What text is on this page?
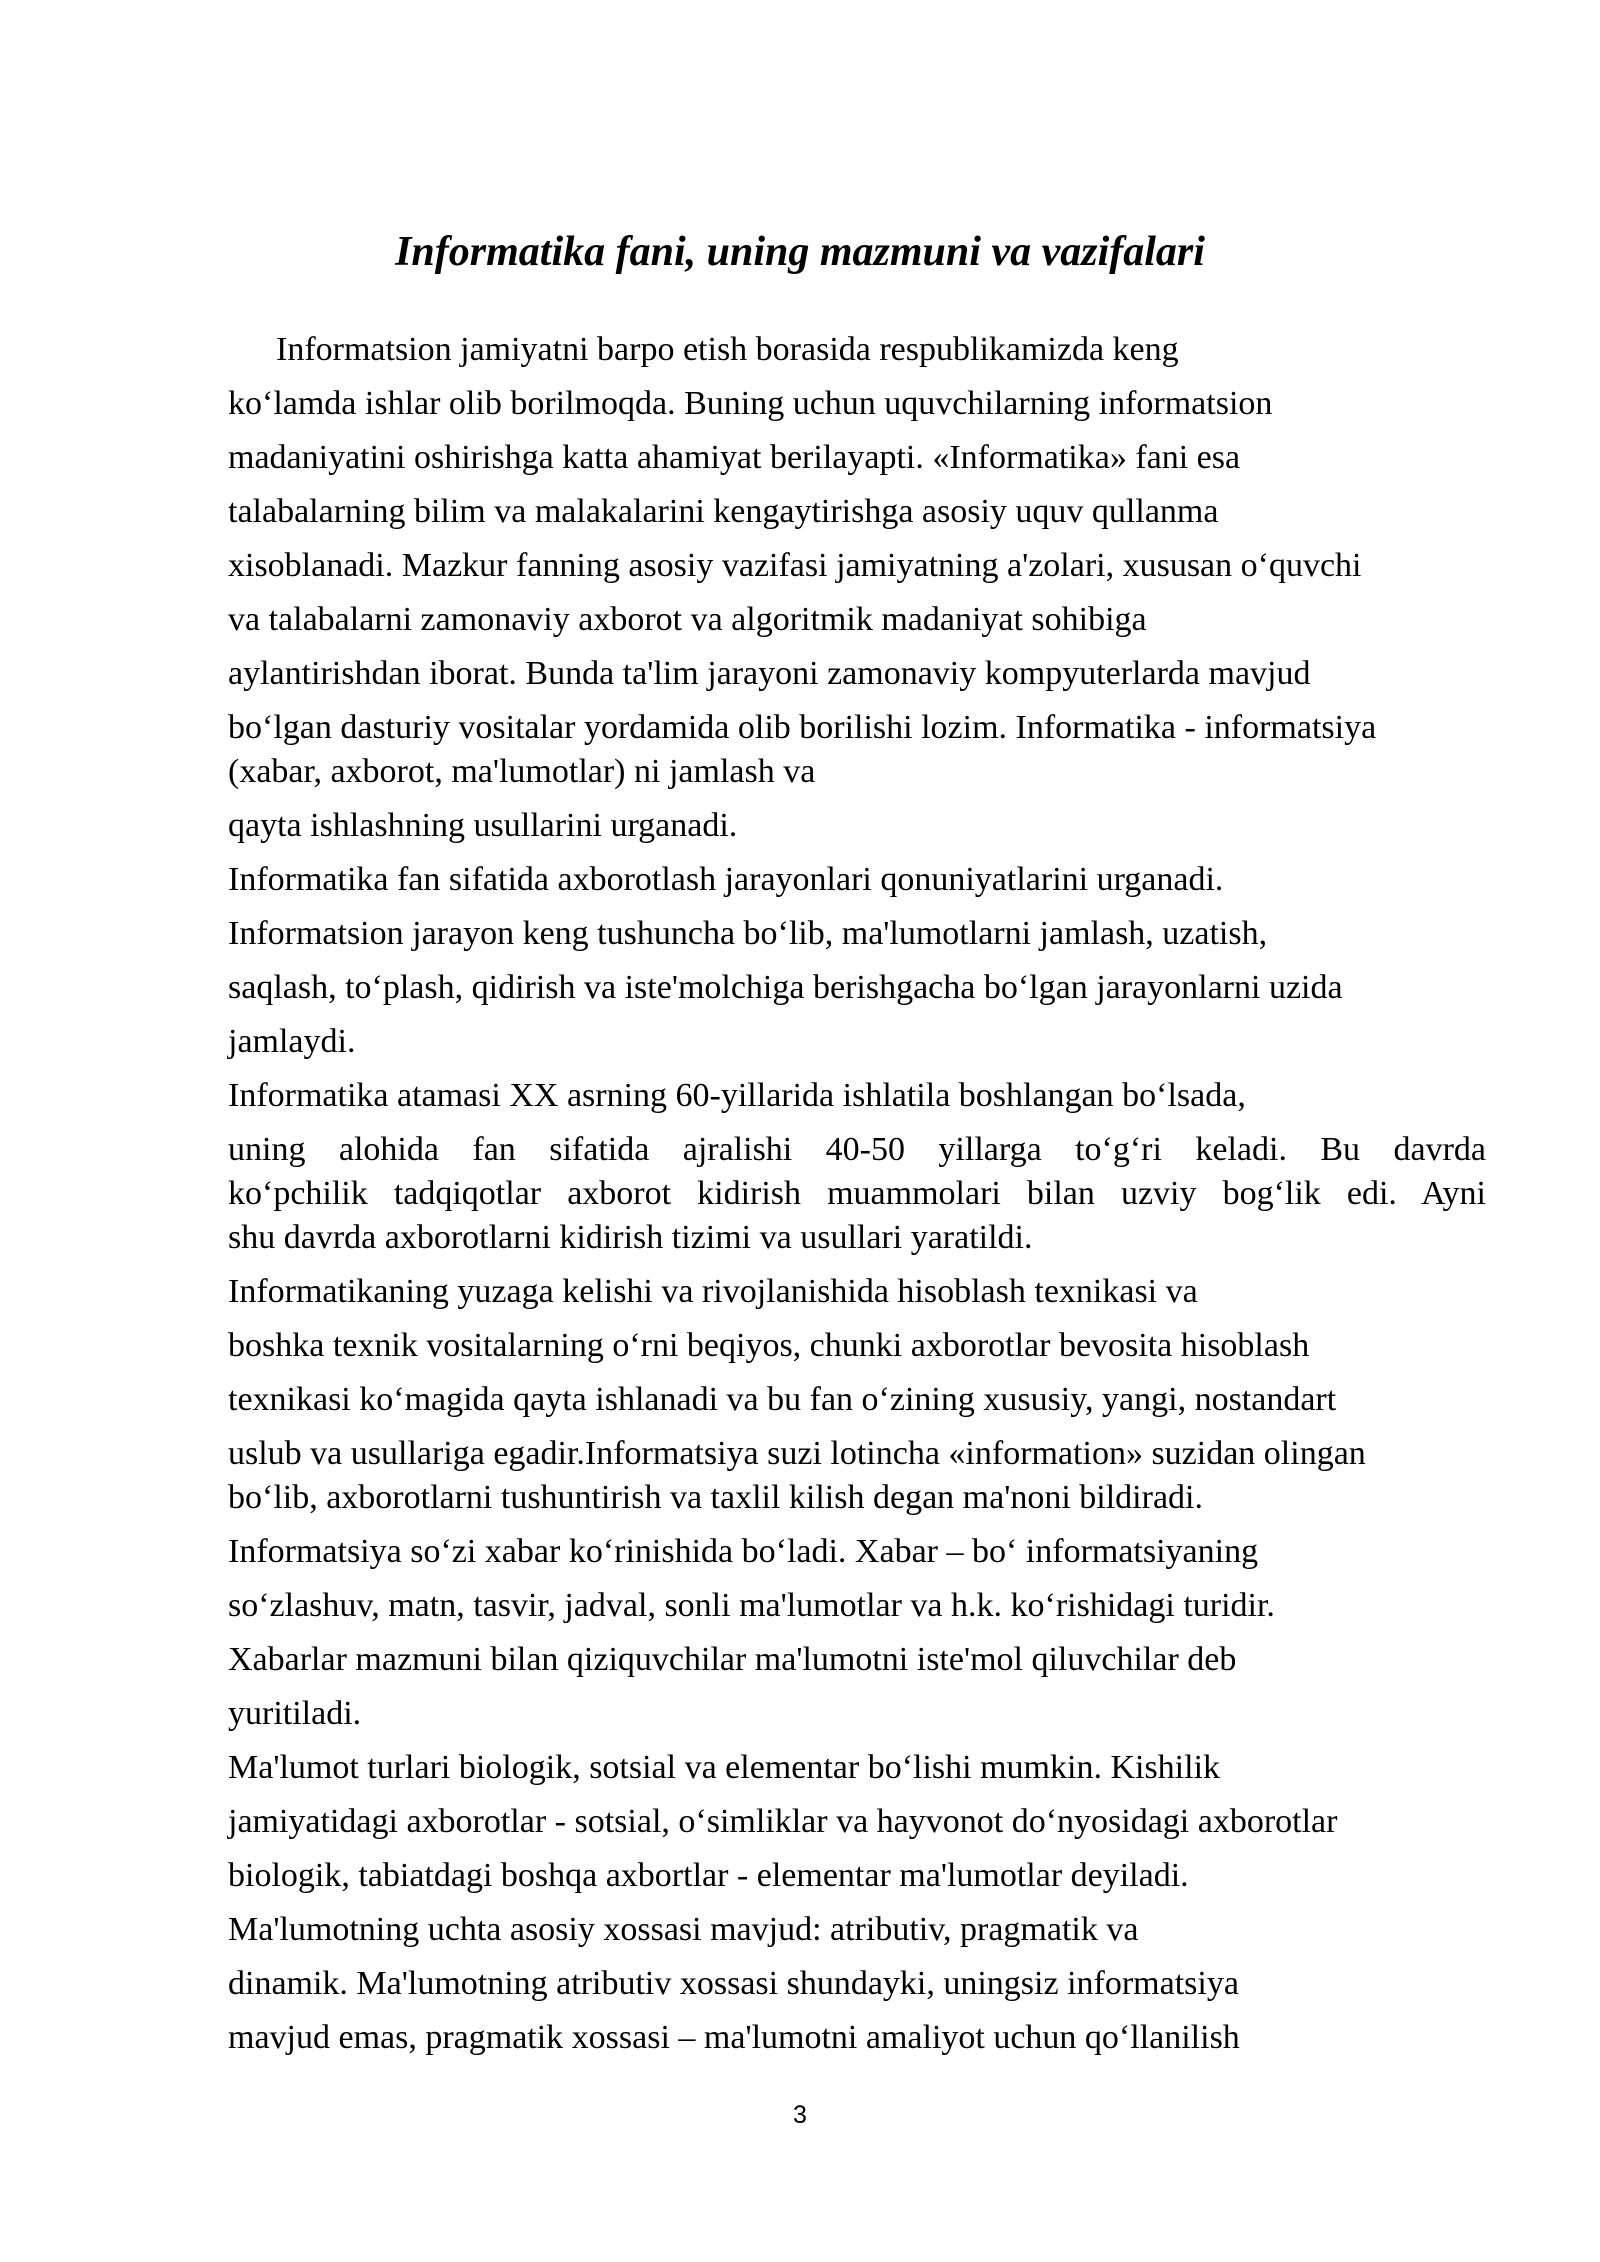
Informatika fani, uning mazmuni va vazifalari
Informatsion jamiyatni barpo etish borasida respublikamizda keng
ko‘lamda ishlar olib borilmoqda. Buning uchun uquvchilarning informatsion
madaniyatini oshirishga katta ahamiyat berilayapti. «Informatika» fani esa
talabalarning bilim va malakalarini kengaytirishga asosiy uquv qullanma
xisoblanadi. Mazkur fanning asosiy vazifasi jamiyatning a'zolari, xususan o‘quvchi
va talabalarni zamonaviy axborot va algoritmik madaniyat sohibiga
aylantirishdan iborat. Bunda ta'lim jarayoni zamonaviy kompyuterlarda mavjud
bo‘lgan dasturiy vositalar yordamida olib borilishi lozim. Informatika - informatsiya
(xabar, axborot, ma'lumotlar) ni jamlash va
qayta ishlashning usullarini urganadi.
Informatika fan sifatida axborotlash jarayonlari qonuniyatlarini urganadi.
Informatsion jarayon keng tushuncha bo‘lib, ma'lumotlarni jamlash, uzatish,
saqlash, to‘plash, qidirish va iste'molchiga berishgacha bo‘lgan jarayonlarni uzida
jamlaydi.
Informatika atamasi XX asrning 60-yillarida ishlatila boshlangan bo‘lsada,
uning alohida fan sifatida ajralishi 40-50 yillarga to‘g‘ri keladi. Bu davrda
ko‘pchilik tadqiqotlar axborot kidirish muammolari bilan uzviy bog‘lik edi. Ayni
shu davrda axborotlarni kidirish tizimi va usullari yaratildi.
Informatikaning yuzaga kelishi va rivojlanishida hisoblash texnikasi va
boshka texnik vositalarning o‘rni beqiyos, chunki axborotlar bevosita hisoblash
texnikasi ko‘magida qayta ishlanadi va bu fan o‘zining xususiy, yangi, nostandart
uslub va usullariga egadir.Informatsiya suzi lotincha «information» suzidan olingan
bo‘lib, axborotlarni tushuntirish va taxlil kilish degan ma'noni bildiradi.
Informatsiya so‘zi xabar ko‘rinishida bo‘ladi. Xabar – bo‘ informatsiyaning
so‘zlashuv, matn, tasvir, jadval, sonli ma'lumotlar va h.k. ko‘rishidagi turidir.
Xabarlar mazmuni bilan qiziquvchilar ma'lumotni iste'mol qiluvchilar deb
yuritiladi.
Ma'lumot turlari biologik, sotsial va elementar bo‘lishi mumkin. Kishilik
jamiyatidagi axborotlar - sotsial, o‘simliklar va hayvonot do‘nyosidagi axborotlar
biologik, tabiatdagi boshqa axbortlar - elementar ma'lumotlar deyiladi.
Ma'lumotning uchta asosiy xossasi mavjud: atributiv, pragmatik va
dinamik. Ma'lumotning atributiv xossasi shundayki, uningsiz informatsiya
mavjud emas, pragmatik xossasi – ma'lumotni amaliyot uchun qo‘llanilish
3
